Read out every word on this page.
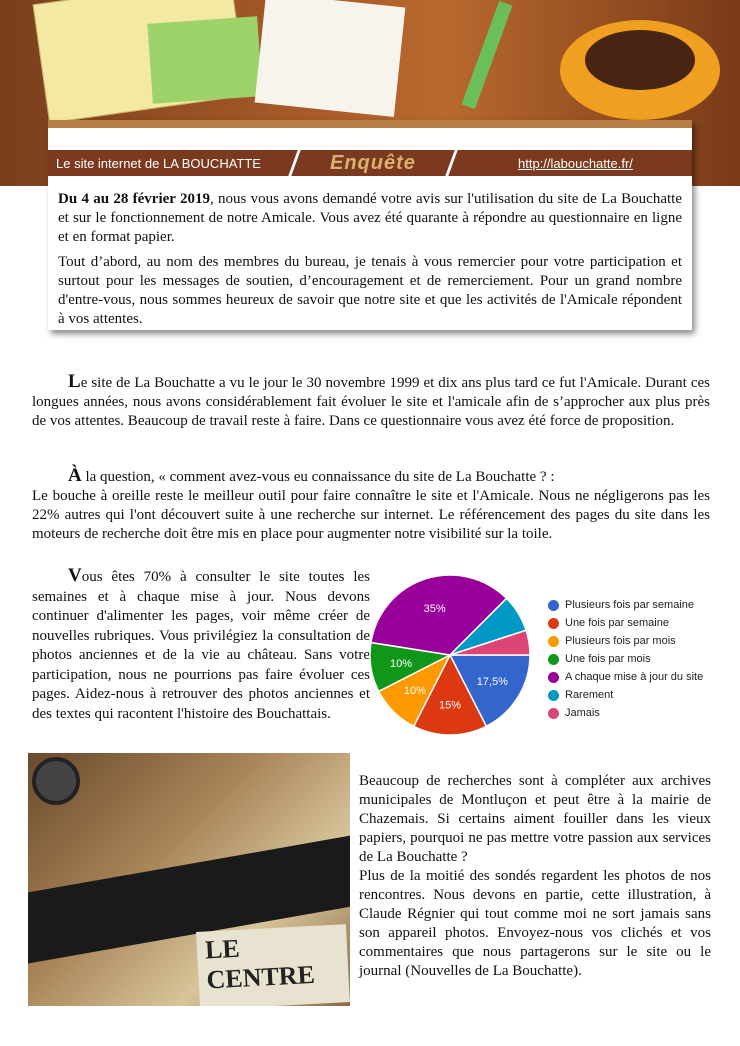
Le site internet de LA BOUCHATTE	Enquête	http://labouchatte.fr/

Du 4 au 28 février 2019, nous vous avons demandé votre avis sur l'utilisation du site de La Bouchatte et sur le fonctionnement de notre Amicale. Vous avez été quarante à répondre au questionnaire en ligne et en format papier.

Tout d’abord, au nom des membres du bureau, je tenais à vous remercier pour votre participation et surtout pour les messages de soutien, d’encouragement et de remerciement. Pour un grand nombre d'entre-vous, nous sommes heureux de savoir que notre site et que les activités de l'Amicale répondent à vos attentes.

Le site de La Bouchatte a vu le jour le 30 novembre 1999 et dix ans plus tard ce fut l'Amicale. Durant ces longues années, nous avons considérablement fait évoluer le site et l'amicale afin de s’approcher aux plus près de vos attentes. Beaucoup de travail reste à faire. Dans ce questionnaire vous avez été force de proposition.
À la question, « comment avez-vous eu connaissance du site de La Bouchatte ? :
Le bouche à oreille reste le meilleur outil pour faire connaître le site et l'Amicale. Nous ne négligerons pas les 22% autres qui l'ont découvert suite à une recherche sur internet. Le référencement des pages du site dans les moteurs de recherche doit être mis en place pour augmenter notre visibilité sur la toile.
Vous êtes 70% à consulter le site toutes les semaines et à chaque mise à jour. Nous devons continuer d'alimenter les pages, voir même créer de nouvelles rubriques. Vous privilégiez la consultation de photos anciennes et de la vie au château. Sans votre participation, nous ne pourrions pas faire évoluer ces pages. Aidez-nous à retrouver des photos anciennes et des textes qui racontent l'histoire des Bouchattais.
17,5%
15%
10%
10%
35%	Plusieurs fois par semaine
Une fois par semaine
Plusieurs fois par mois
Une fois par mois
A chaque mise à jour du site
Rarement
Jamais
LE CENTRE
Beaucoup de recherches sont à compléter aux archives municipales de Montluçon et peut être à la mairie de Chazemais. Si certains aiment fouiller dans les vieux papiers, pourquoi ne pas mettre votre passion aux services de La Bouchatte ?
Plus de la moitié des sondés regardent les photos de nos rencontres. Nous devons en partie, cette illustration, à Claude Régnier qui tout comme moi ne sort jamais sans son appareil photos. Envoyez-nous vos clichés et vos commentaires que nous partagerons sur le site ou le journal (Nouvelles de La Bouchatte).
